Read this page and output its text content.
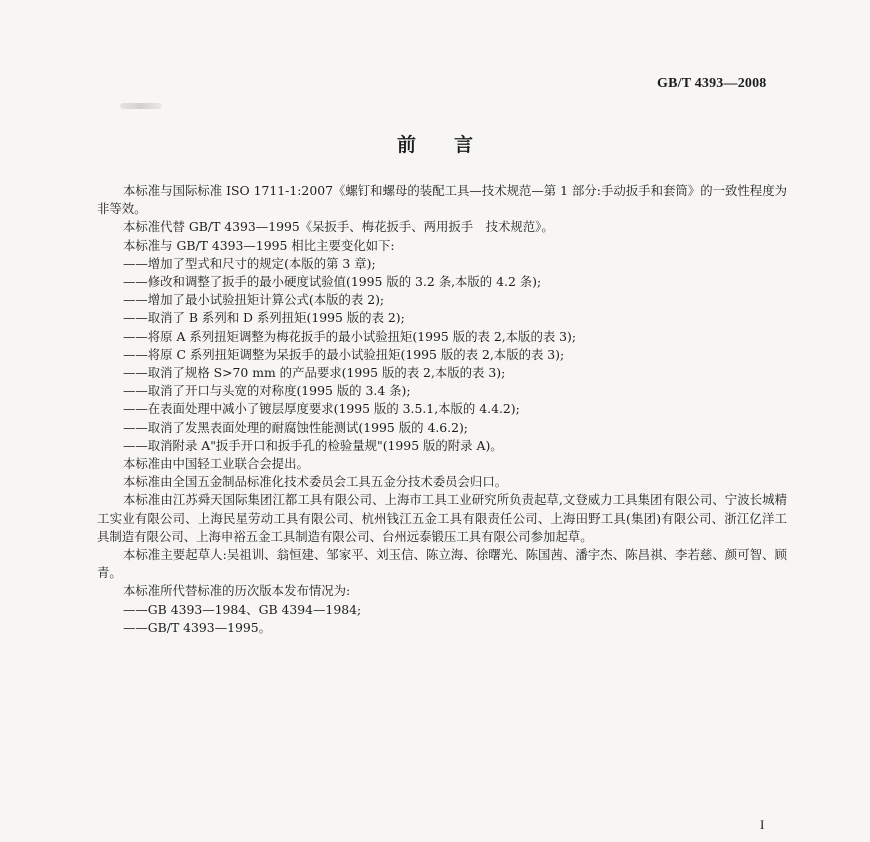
GB/T 4393—2008
前言

本标准与国际标准 ISO 1711-1:2007《螺钉和螺母的装配工具—技术规范—第 1 部分:手动扳手和套筒》的一致性程度为非等效。

本标准代替 GB/T 4393—1995《呆扳手、梅花扳手、两用扳手　技术规范》。

本标准与 GB/T 4393—1995 相比主要变化如下:

——增加了型式和尺寸的规定(本版的第 3 章);

——修改和调整了扳手的最小硬度试验值(1995 版的 3.2 条,本版的 4.2 条);

——增加了最小试验扭矩计算公式(本版的表 2);

——取消了 B 系列和 D 系列扭矩(1995 版的表 2);

——将原 A 系列扭矩调整为梅花扳手的最小试验扭矩(1995 版的表 2,本版的表 3);

——将原 C 系列扭矩调整为呆扳手的最小试验扭矩(1995 版的表 2,本版的表 3);

——取消了规格 S>70 mm 的产品要求(1995 版的表 2,本版的表 3);

——取消了开口与头宽的对称度(1995 版的 3.4 条);

——在表面处理中减小了镀层厚度要求(1995 版的 3.5.1,本版的 4.4.2);

——取消了发黑表面处理的耐腐蚀性能测试(1995 版的 4.6.2);

——取消附录 A"扳手开口和扳手孔的检验量规"(1995 版的附录 A)。

本标准由中国轻工业联合会提出。

本标准由全国五金制品标准化技术委员会工具五金分技术委员会归口。

本标准由江苏舜天国际集团江都工具有限公司、上海市工具工业研究所负责起草,文登威力工具集团有限公司、宁波长城精工实业有限公司、上海民星劳动工具有限公司、杭州钱江五金工具有限责任公司、上海田野工具(集团)有限公司、浙江亿洋工具制造有限公司、上海申裕五金工具制造有限公司、台州远泰锻压工具有限公司参加起草。

本标准主要起草人:吴祖训、翁恒建、邹家平、刘玉信、陈立海、徐曙光、陈国茜、潘宇杰、陈昌祺、李若慈、颜可智、顾青。

本标准所代替标准的历次版本发布情况为:

——GB 4393—1984、GB 4394—1984;

——GB/T 4393—1995。

I
